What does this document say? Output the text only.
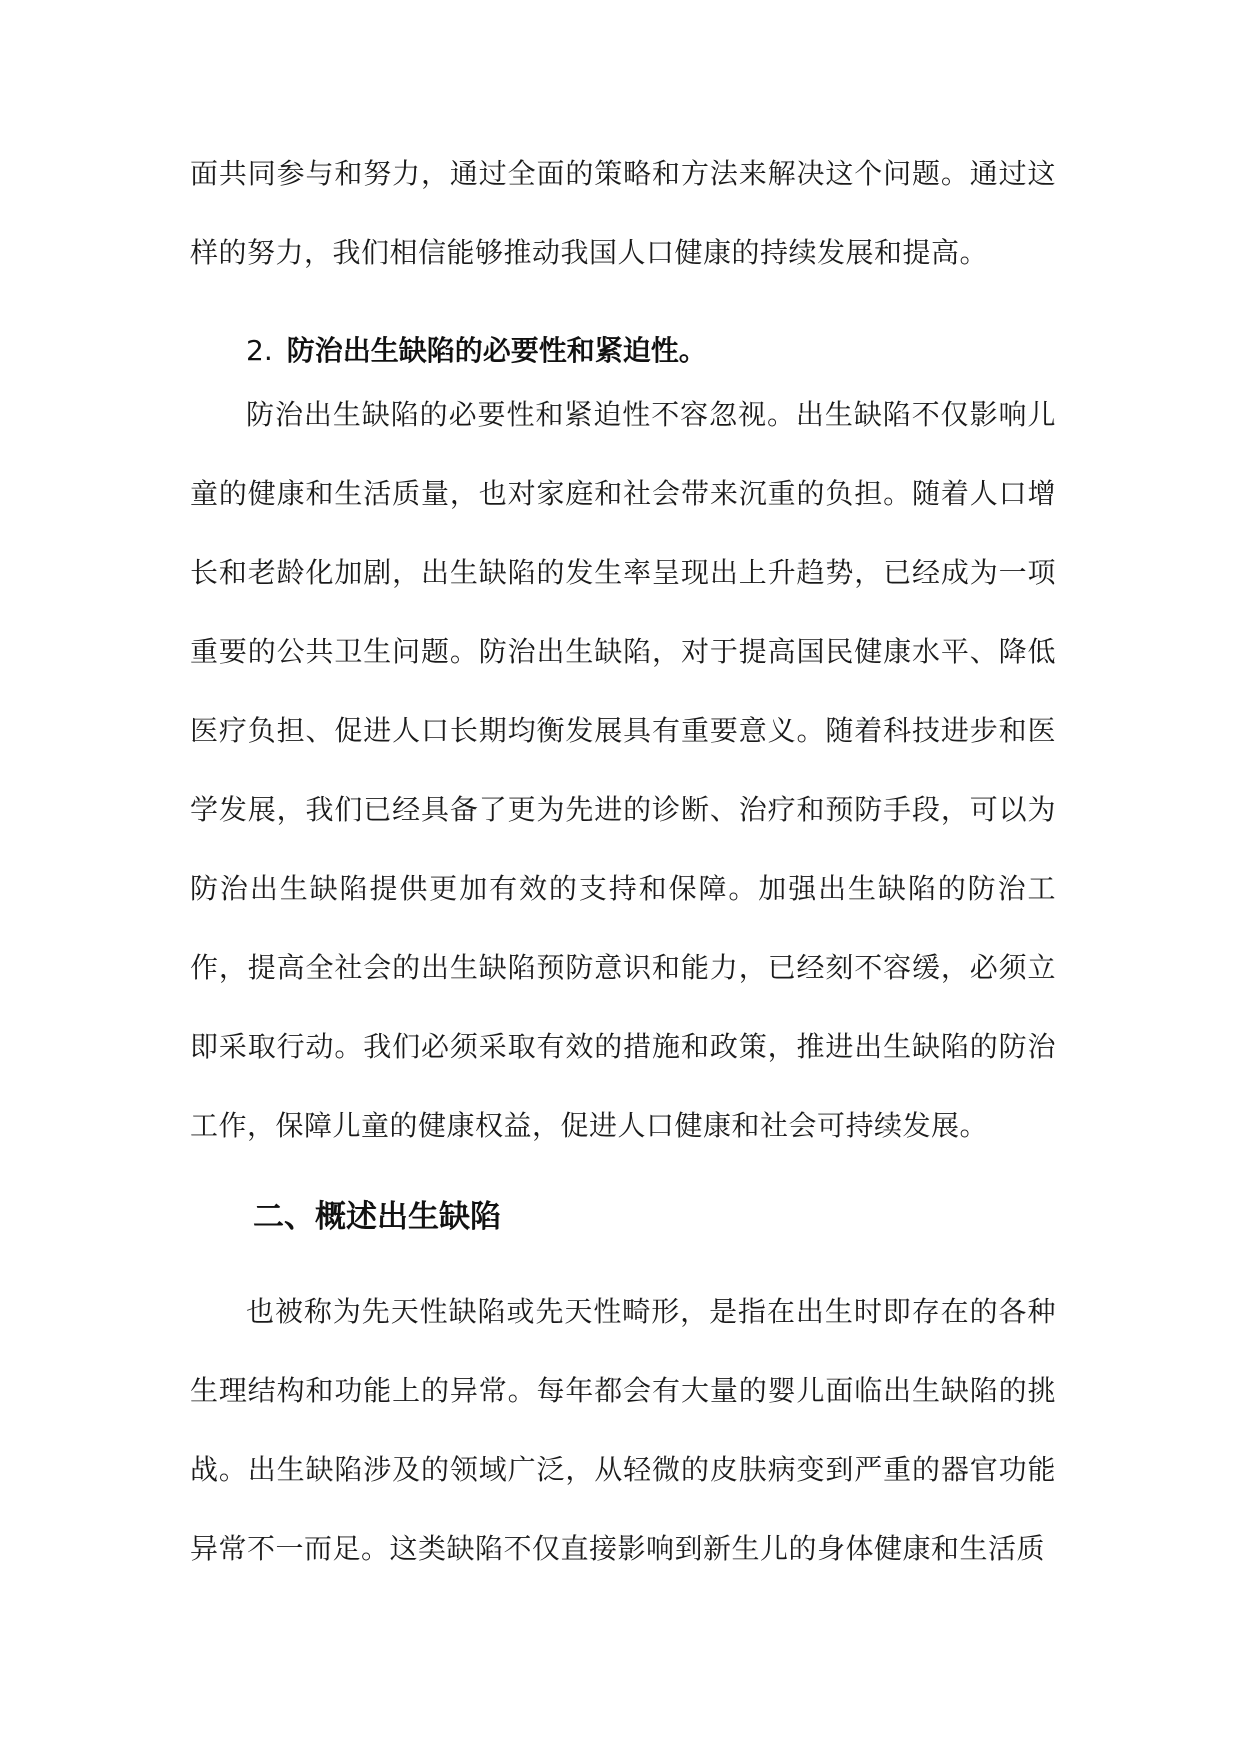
面共同参与和努力，通过全面的策略和方法来解决这个问题。通过这样的努力，我们相信能够推动我国人口健康的持续发展和提高。

2. 防治出生缺陷的必要性和紧迫性。

防治出生缺陷的必要性和紧迫性不容忽视。出生缺陷不仅影响儿童的健康和生活质量，也对家庭和社会带来沉重的负担。随着人口增长和老龄化加剧，出生缺陷的发生率呈现出上升趋势，已经成为一项重要的公共卫生问题。防治出生缺陷，对于提高国民健康水平、降低医疗负担、促进人口长期均衡发展具有重要意义。随着科技进步和医学发展，我们已经具备了更为先进的诊断、治疗和预防手段，可以为防治出生缺陷提供更加有效的支持和保障。加强出生缺陷的防治工作，提高全社会的出生缺陷预防意识和能力，已经刻不容缓，必须立即采取行动。我们必须采取有效的措施和政策，推进出生缺陷的防治工作，保障儿童的健康权益，促进人口健康和社会可持续发展。

二、概述出生缺陷

也被称为先天性缺陷或先天性畸形，是指在出生时即存在的各种生理结构和功能上的异常。每年都会有大量的婴儿面临出生缺陷的挑战。出生缺陷涉及的领域广泛，从轻微的皮肤病变到严重的器官功能异常不一而足。这类缺陷不仅直接影响到新生儿的身体健康和生活质
